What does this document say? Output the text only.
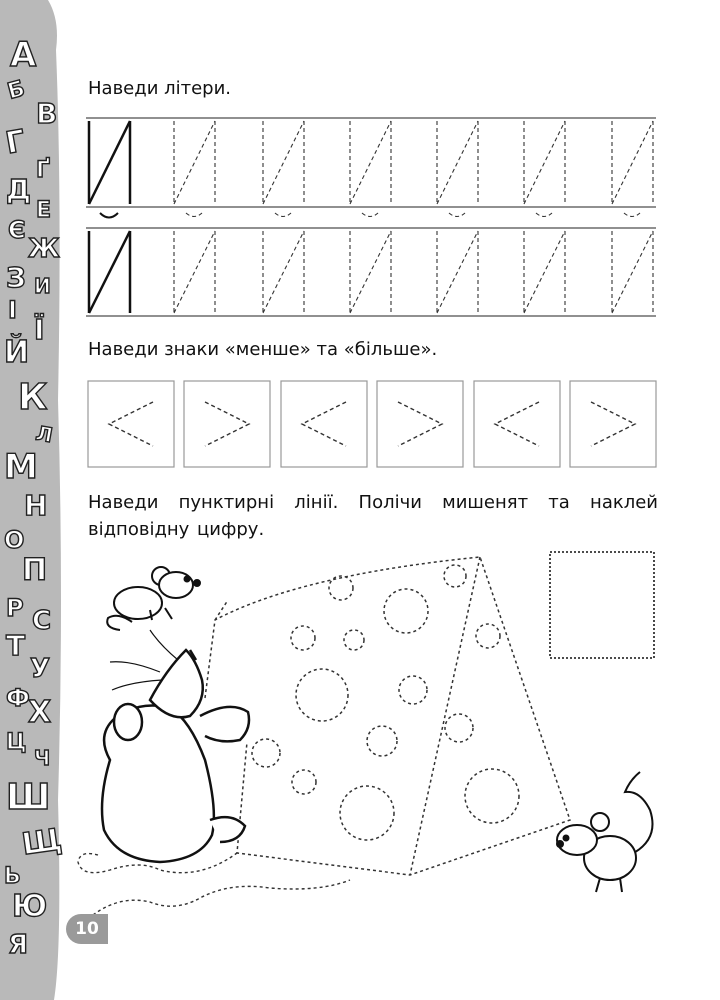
А
Б
В
Г
Ґ
Д
Е
Є
Ж
З И
І
Ї
Й
К
Л
М
Н
О
П
Р С
Т
У
Ф
Х
Ц
Ч
Ш
Щ
Ь
Ю
Я
Наведи літери.
Наведи знаки «менше» та «більше».
Наведи пунктирні лінії. Полічи мишенят та наклей відповідну цифру.
10
